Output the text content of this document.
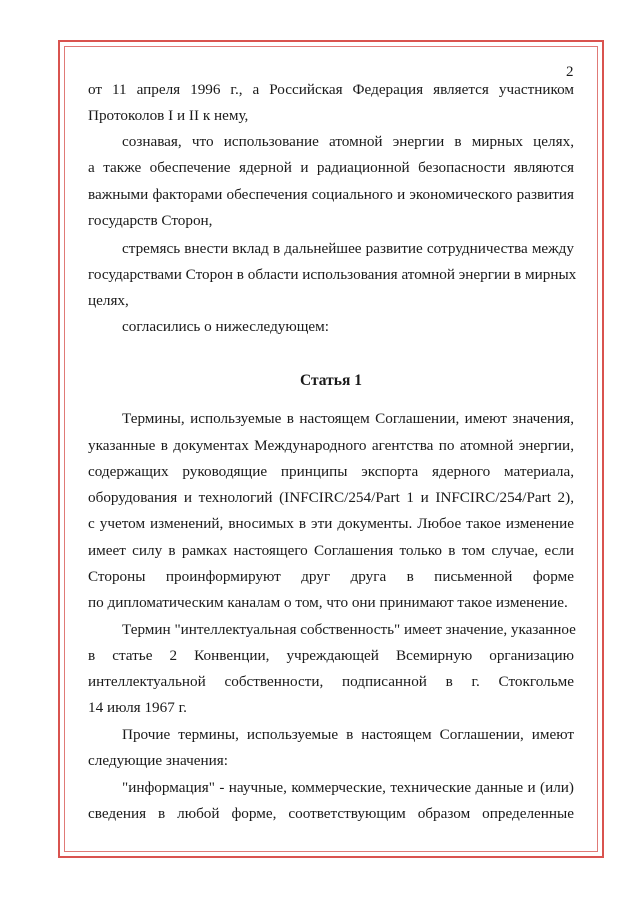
2
от 11 апреля 1996 г., а Российская Федерация является участником
Протоколов I и II к нему,
сознавая, что использование атомной энергии в мирных целях,
а также обеспечение ядерной и радиационной безопасности являются
важными факторами обеспечения социального и экономического развития
государств Сторон,
стремясь внести вклад в дальнейшее развитие сотрудничества между
государствами Сторон в области использования атомной энергии в мирных
целях,
согласились о нижеследующем:
Статья 1
Термины, используемые в настоящем Соглашении, имеют значения,
указанные в документах Международного агентства по атомной энергии,
содержащих руководящие принципы экспорта ядерного материала,
оборудования и технологий (INFCIRC/254/Part 1 и INFCIRC/254/Part 2),
с учетом изменений, вносимых в эти документы. Любое такое изменение
имеет силу в рамках настоящего Соглашения только в том случае, если
Стороны проинформируют друг друга в письменной форме
по дипломатическим каналам о том, что они принимают такое изменение.
Термин "интеллектуальная собственность" имеет значение, указанное
в статье 2 Конвенции, учреждающей Всемирную организацию
интеллектуальной собственности, подписанной в г. Стокгольме
14 июля 1967 г.
Прочие термины, используемые в настоящем Соглашении, имеют
следующие значения:
"информация" - научные, коммерческие, технические данные и (или)
сведения в любой форме, соответствующим образом определенные
